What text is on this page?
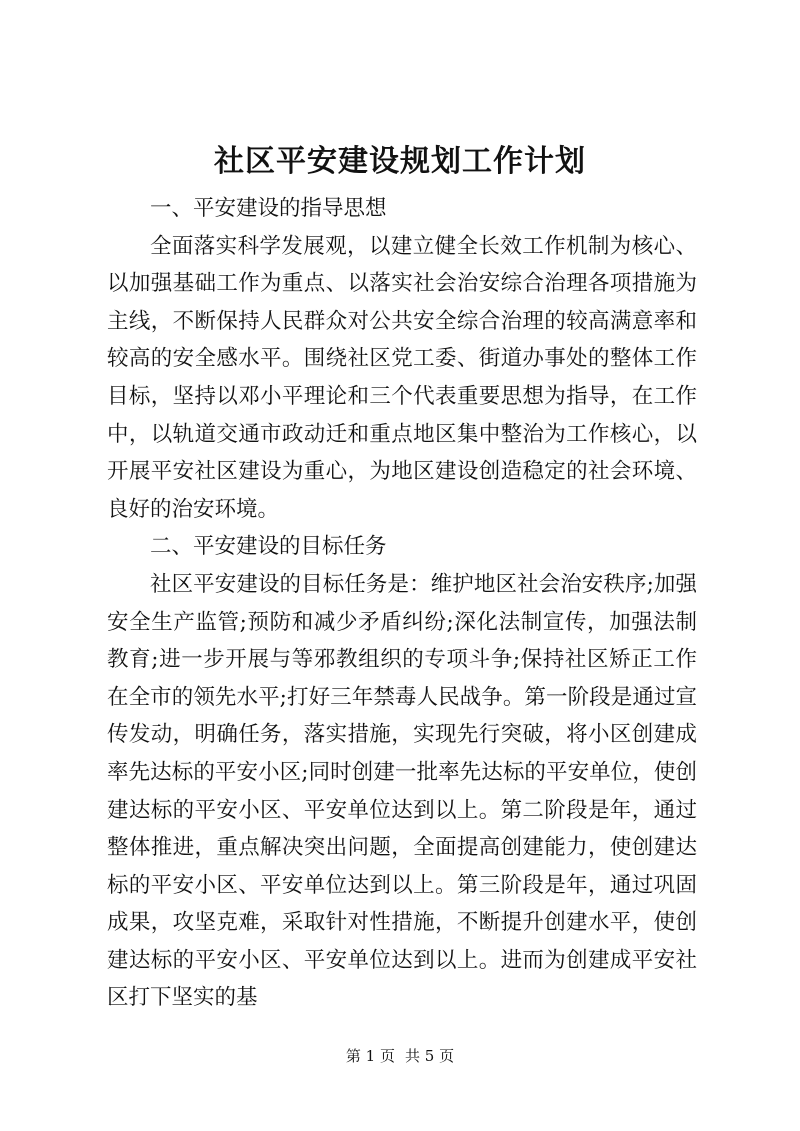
社区平安建设规划工作计划

一、平安建设的指导思想

全面落实科学发展观，以建立健全长效工作机制为核心、以加强基础工作为重点、以落实社会治安综合治理各项措施为主线，不断保持人民群众对公共安全综合治理的较高满意率和较高的安全感水平。围绕社区党工委、街道办事处的整体工作目标，坚持以邓小平理论和三个代表重要思想为指导，在工作中，以轨道交通市政动迁和重点地区集中整治为工作核心，以开展平安社区建设为重心，为地区建设创造稳定的社会环境、良好的治安环境。

二、平安建设的目标任务

社区平安建设的目标任务是：维护地区社会治安秩序;加强安全生产监管;预防和减少矛盾纠纷;深化法制宣传，加强法制教育;进一步开展与等邪教组织的专项斗争;保持社区矫正工作在全市的领先水平;打好三年禁毒人民战争。第一阶段是通过宣传发动，明确任务，落实措施，实现先行突破，将小区创建成率先达标的平安小区;同时创建一批率先达标的平安单位，使创建达标的平安小区、平安单位达到以上。第二阶段是年，通过整体推进，重点解决突出问题，全面提高创建能力，使创建达标的平安小区、平安单位达到以上。第三阶段是年，通过巩固成果，攻坚克难，采取针对性措施，不断提升创建水平，使创建达标的平安小区、平安单位达到以上。进而为创建成平安社区打下坚实的基

第 1 页 共 5 页
